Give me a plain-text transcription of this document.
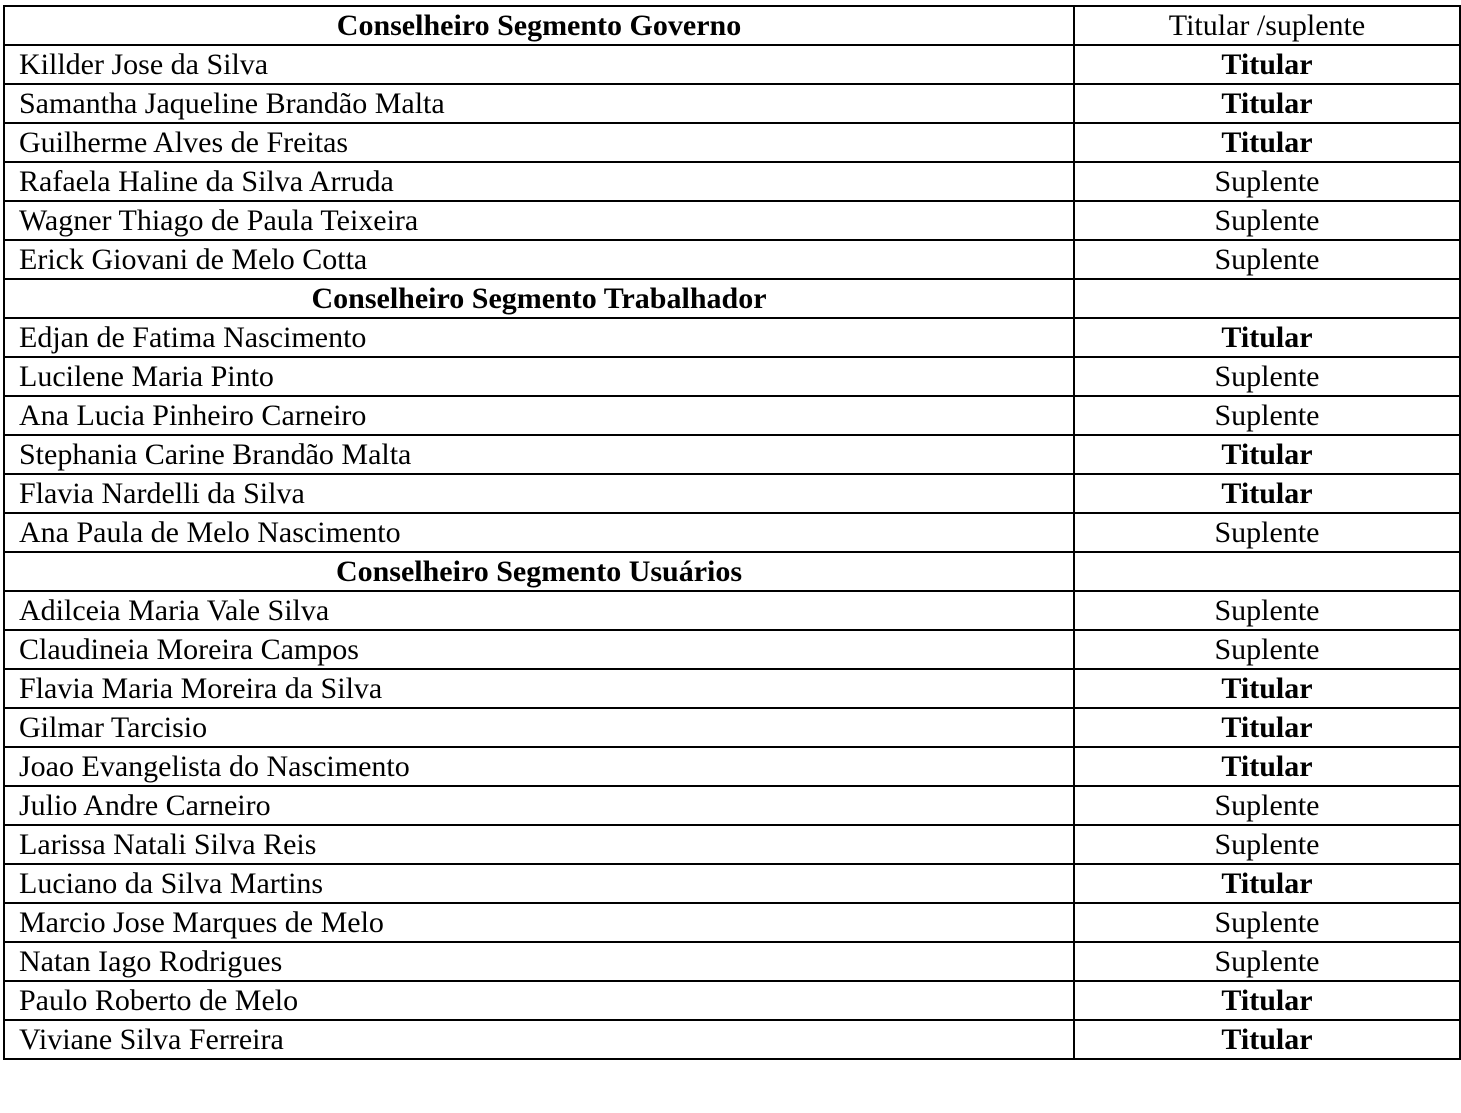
Conselheiro Segmento Governo	Titular /suplente
Killder Jose da Silva	Titular
Samantha Jaqueline Brandão Malta	Titular
Guilherme Alves de Freitas	Titular
Rafaela Haline da Silva Arruda	Suplente
Wagner Thiago de Paula Teixeira	Suplente
Erick Giovani de Melo Cotta	Suplente
Conselheiro Segmento Trabalhador	
Edjan de Fatima Nascimento	Titular
Lucilene Maria Pinto	Suplente
Ana Lucia Pinheiro Carneiro	Suplente
Stephania Carine Brandão Malta	Titular
Flavia Nardelli da Silva	Titular
Ana Paula de Melo Nascimento	Suplente
Conselheiro Segmento Usuários	
Adilceia Maria Vale Silva	Suplente
Claudineia Moreira Campos	Suplente
Flavia Maria Moreira da Silva	Titular
Gilmar Tarcisio	Titular
Joao Evangelista do Nascimento	Titular
Julio Andre Carneiro	Suplente
Larissa Natali Silva Reis	Suplente
Luciano da Silva Martins	Titular
Marcio Jose Marques de Melo	Suplente
Natan Iago Rodrigues	Suplente
Paulo Roberto de Melo	Titular
Viviane Silva Ferreira	Titular
